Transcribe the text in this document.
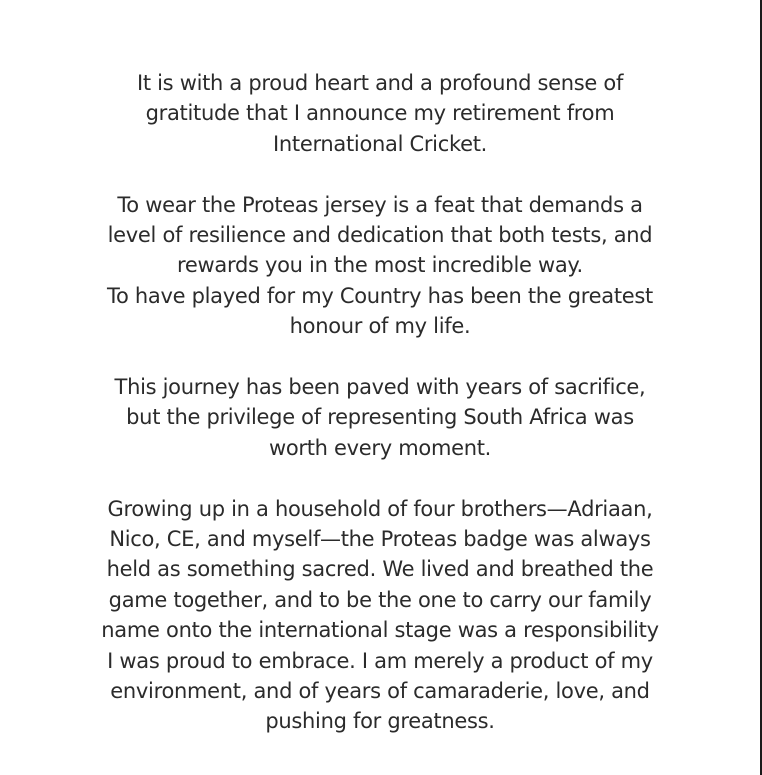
It is with a proud heart and a profound sense of
gratitude that I announce my retirement from
International Cricket.

To wear the Proteas jersey is a feat that demands a
level of resilience and dedication that both tests, and
rewards you in the most incredible way.
To have played for my Country has been the greatest
honour of my life.

This journey has been paved with years of sacrifice,
but the privilege of representing South Africa was
worth every moment.

Growing up in a household of four brothers—Adriaan,
Nico, CE, and myself—the Proteas badge was always
held as something sacred. We lived and breathed the
game together, and to be the one to carry our family
name onto the international stage was a responsibility
I was proud to embrace. I am merely a product of my
environment, and of years of camaraderie, love, and
pushing for greatness.
